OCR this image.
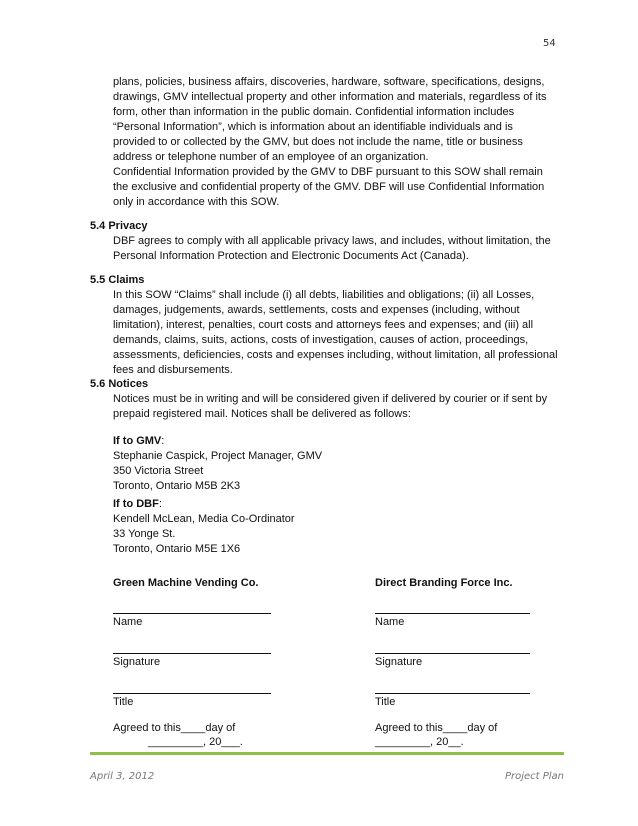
54
plans, policies, business affairs, discoveries, hardware, software, specifications, designs, drawings, GMV intellectual property and other information and materials, regardless of its form, other than information in the public domain. Confidential information includes “Personal Information”, which is information about an identifiable individuals and is provided to or collected by the GMV, but does not include the name, title or business address or telephone number of an employee of an organization.
Confidential Information provided by the GMV to DBF pursuant to this SOW shall remain the exclusive and confidential property of the GMV. DBF will use Confidential Information only in accordance with this SOW.
5.4 Privacy
DBF agrees to comply with all applicable privacy laws, and includes, without limitation, the Personal Information Protection and Electronic Documents Act (Canada).
5.5 Claims
In this SOW “Claims” shall include (i) all debts, liabilities and obligations; (ii) all Losses, damages, judgements, awards, settlements, costs and expenses (including, without limitation), interest, penalties, court costs and attorneys fees and expenses; and (iii) all demands, claims, suits, actions, costs of investigation, causes of action, proceedings, assessments, deficiencies, costs and expenses including, without limitation, all professional fees and disbursements.
5.6 Notices
Notices must be in writing and will be considered given if delivered by courier or if sent by prepaid registered mail. Notices shall be delivered as follows:
If to GMV:
Stephanie Caspick, Project Manager, GMV
350 Victoria Street
Toronto, Ontario M5B 2K3
If to DBF:
Kendell McLean, Media Co-Ordinator
33 Yonge St.
Toronto, Ontario M5E 1X6
Green Machine Vending Co.	Direct Branding Force Inc.
Name	Name
Signature	Signature
Title	Title
Agreed to this____day of	Agreed to this____day of
_________, 20___.	_________, 20__.
April 3, 2012	Project Plan
